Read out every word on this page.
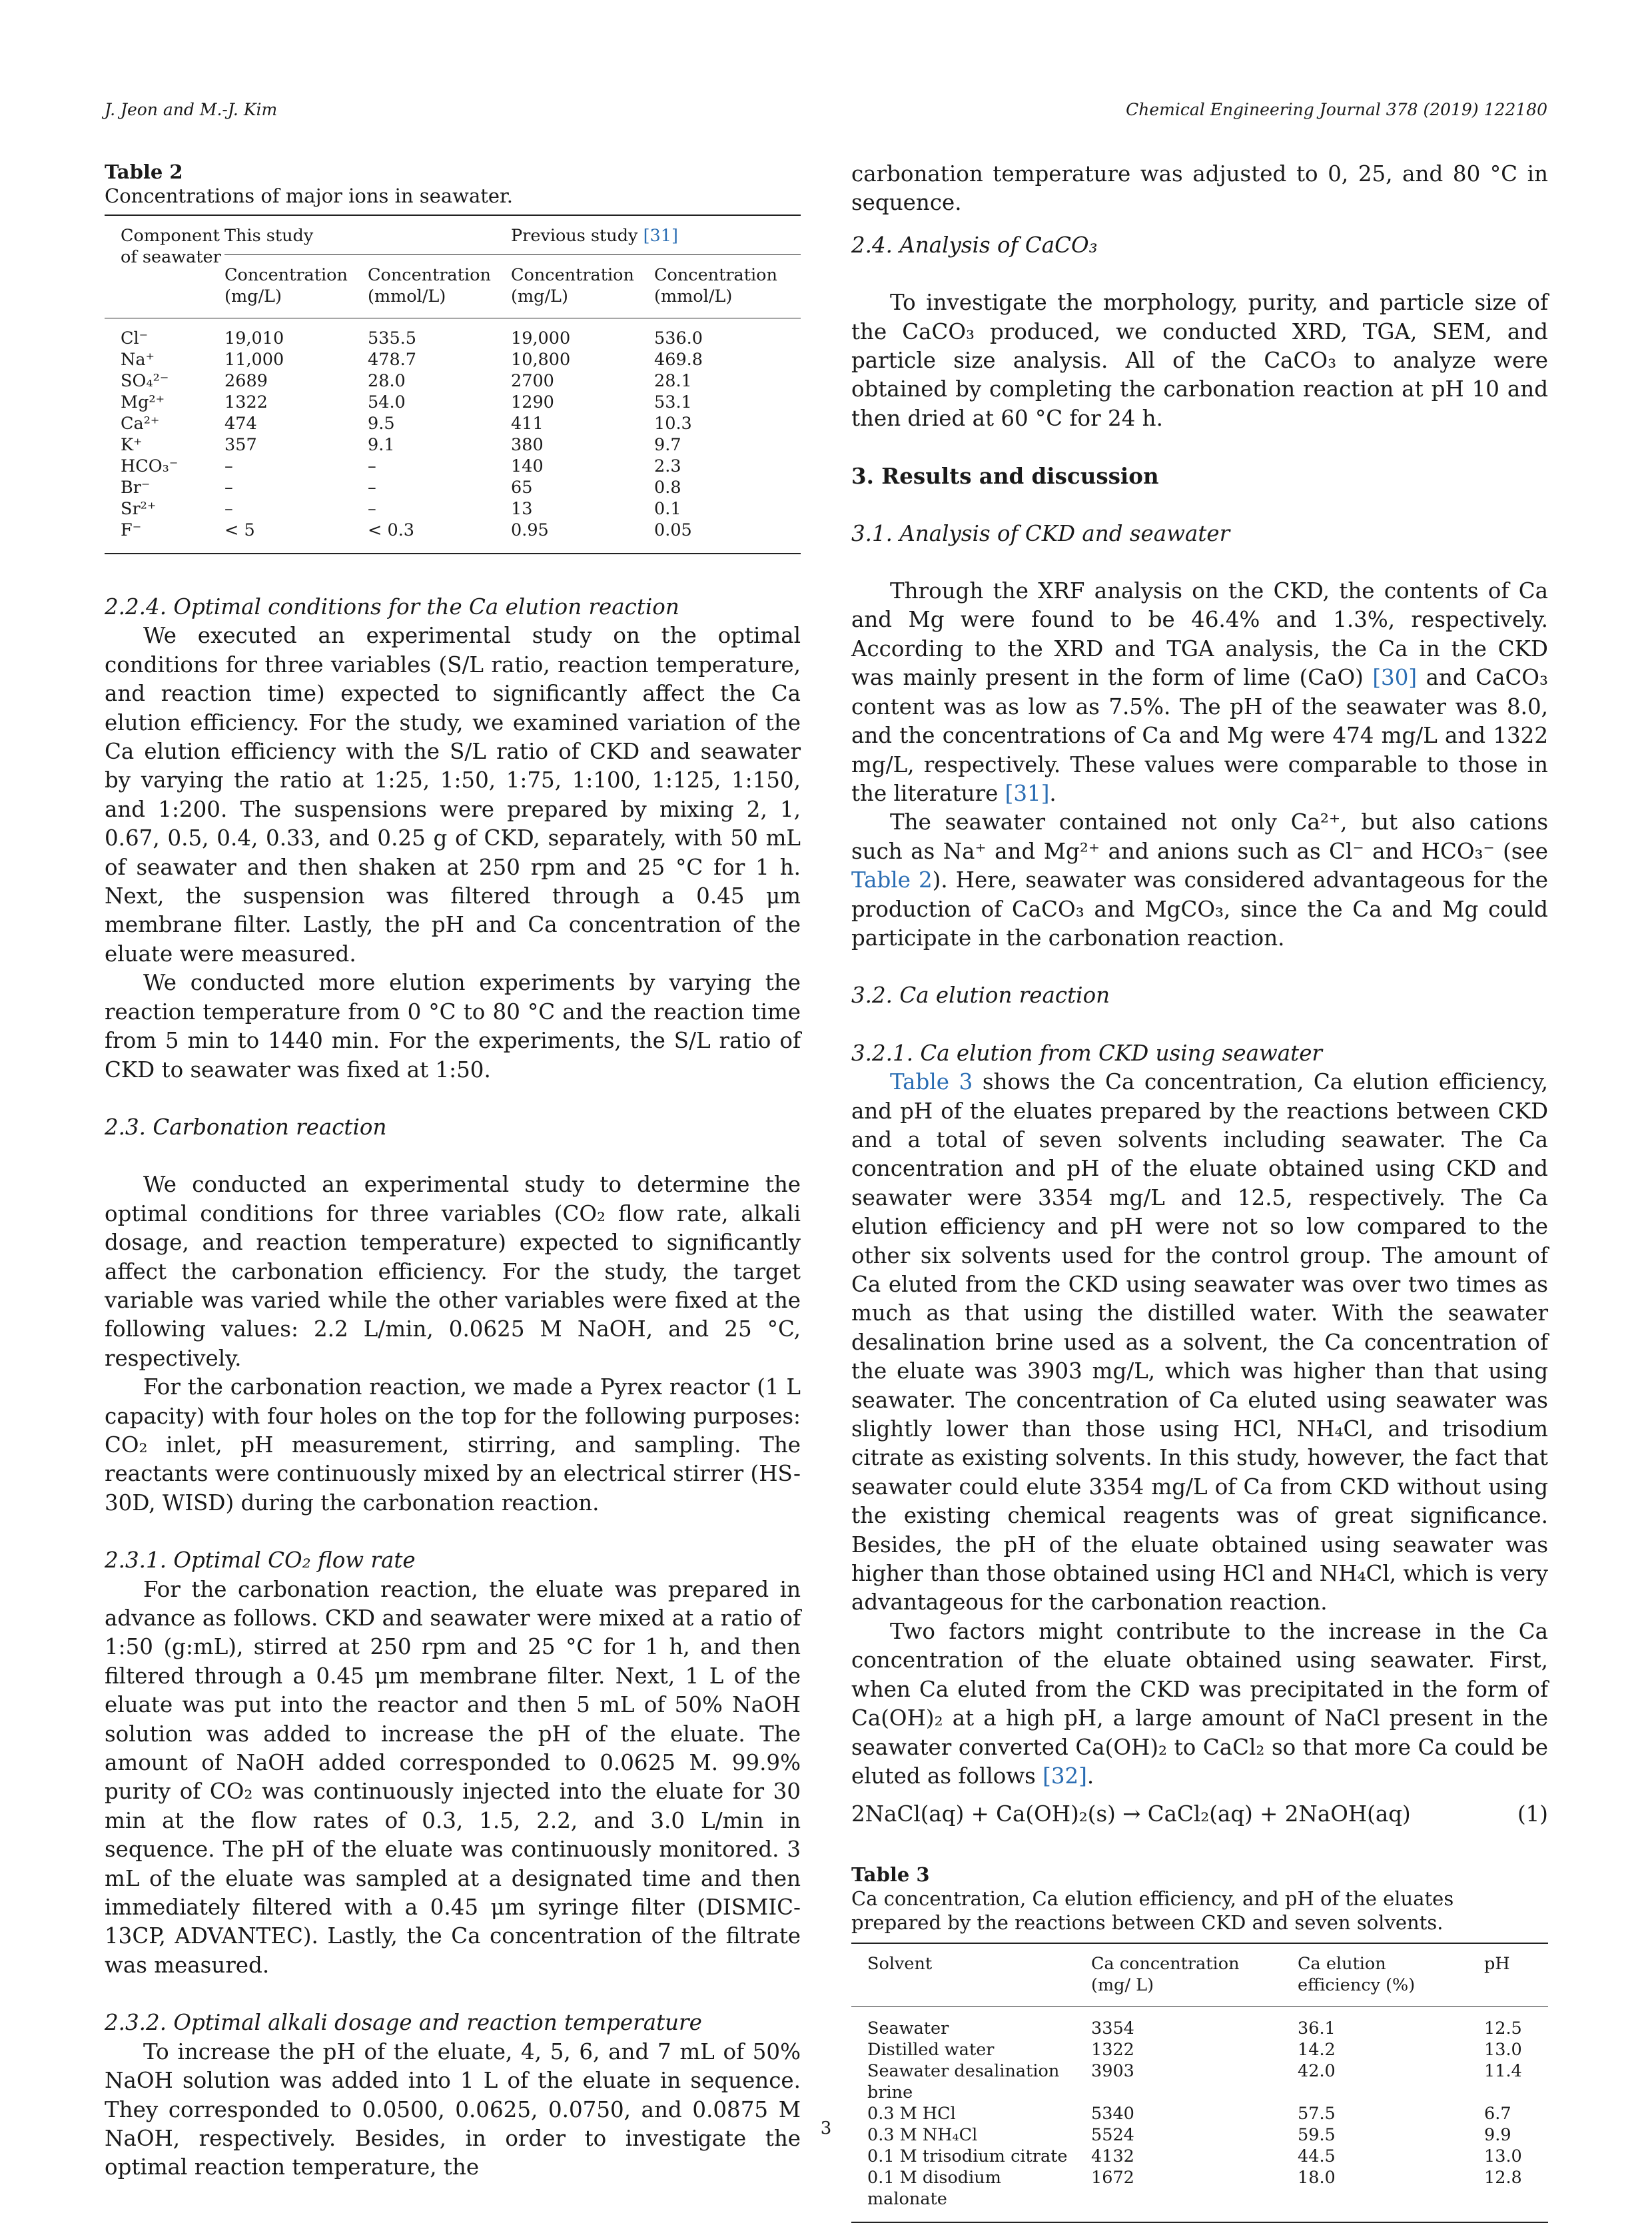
J. Jeon and M.-J. Kim	Chemical Engineering Journal 378 (2019) 122180
Table 2
Concentrations of major ions in seawater.
Component of seawater	This study		Previous study [31]	
	Concentration (mg/L)	Concentration (mmol/L)	Concentration (mg/L)	Concentration (mmol/L)
Cl⁻	19,010	535.5	19,000	536.0
Na⁺	11,000	478.7	10,800	469.8
SO₄²⁻	2689	28.0	2700	28.1
Mg²⁺	1322	54.0	1290	53.1
Ca²⁺	474	9.5	411	10.3
K⁺	357	9.1	380	9.7
HCO₃⁻	–	–	140	2.3
Br⁻	–	–	65	0.8
Sr²⁺	–	–	13	0.1
F⁻	< 5	< 0.3	0.95	0.05
2.2.4. Optimal conditions for the Ca elution reaction

We executed an experimental study on the optimal conditions for three variables (S/L ratio, reaction temperature, and reaction time) expected to significantly affect the Ca elution efficiency. For the study, we examined variation of the Ca elution efficiency with the S/L ratio of CKD and seawater by varying the ratio at 1:25, 1:50, 1:75, 1:100, 1:125, 1:150, and 1:200. The suspensions were prepared by mixing 2, 1, 0.67, 0.5, 0.4, 0.33, and 0.25 g of CKD, separately, with 50 mL of seawater and then shaken at 250 rpm and 25 °C for 1 h. Next, the suspension was filtered through a 0.45 μm membrane filter. Lastly, the pH and Ca concentration of the eluate were measured.

We conducted more elution experiments by varying the reaction temperature from 0 °C to 80 °C and the reaction time from 5 min to 1440 min. For the experiments, the S/L ratio of CKD to seawater was fixed at 1:50.

2.3. Carbonation reaction

We conducted an experimental study to determine the optimal conditions for three variables (CO₂ flow rate, alkali dosage, and reaction temperature) expected to significantly affect the carbonation efficiency. For the study, the target variable was varied while the other variables were fixed at the following values: 2.2 L/min, 0.0625 M NaOH, and 25 °C, respectively.

For the carbonation reaction, we made a Pyrex reactor (1 L capacity) with four holes on the top for the following purposes: CO₂ inlet, pH measurement, stirring, and sampling. The reactants were continuously mixed by an electrical stirrer (HS-30D, WISD) during the carbonation reaction.

2.3.1. Optimal CO₂ flow rate

For the carbonation reaction, the eluate was prepared in advance as follows. CKD and seawater were mixed at a ratio of 1:50 (g:mL), stirred at 250 rpm and 25 °C for 1 h, and then filtered through a 0.45 μm membrane filter. Next, 1 L of the eluate was put into the reactor and then 5 mL of 50% NaOH solution was added to increase the pH of the eluate. The amount of NaOH added corresponded to 0.0625 M. 99.9% purity of CO₂ was continuously injected into the eluate for 30 min at the flow rates of 0.3, 1.5, 2.2, and 3.0 L/min in sequence. The pH of the eluate was continuously monitored. 3 mL of the eluate was sampled at a designated time and then immediately filtered with a 0.45 μm syringe filter (DISMIC-13CP, ADVANTEC). Lastly, the Ca concentration of the filtrate was measured.

2.3.2. Optimal alkali dosage and reaction temperature

To increase the pH of the eluate, 4, 5, 6, and 7 mL of 50% NaOH solution was added into 1 L of the eluate in sequence. They corresponded to 0.0500, 0.0625, 0.0750, and 0.0875 M NaOH, respectively. Besides, in order to investigate the optimal reaction temperature, the

carbonation temperature was adjusted to 0, 25, and 80 °C in sequence.

2.4. Analysis of CaCO₃

To investigate the morphology, purity, and particle size of the CaCO₃ produced, we conducted XRD, TGA, SEM, and particle size analysis. All of the CaCO₃ to analyze were obtained by completing the carbonation reaction at pH 10 and then dried at 60 °C for 24 h.

3. Results and discussion
3.1. Analysis of CKD and seawater

Through the XRF analysis on the CKD, the contents of Ca and Mg were found to be 46.4% and 1.3%, respectively. According to the XRD and TGA analysis, the Ca in the CKD was mainly present in the form of lime (CaO) [30] and CaCO₃ content was as low as 7.5%. The pH of the seawater was 8.0, and the concentrations of Ca and Mg were 474 mg/L and 1322 mg/L, respectively. These values were comparable to those in the literature [31].

The seawater contained not only Ca²⁺, but also cations such as Na⁺ and Mg²⁺ and anions such as Cl⁻ and HCO₃⁻ (see Table 2). Here, seawater was considered advantageous for the production of CaCO₃ and MgCO₃, since the Ca and Mg could participate in the carbonation reaction.

3.2. Ca elution reaction
3.2.1. Ca elution from CKD using seawater

Table 3 shows the Ca concentration, Ca elution efficiency, and pH of the eluates prepared by the reactions between CKD and a total of seven solvents including seawater. The Ca concentration and pH of the eluate obtained using CKD and seawater were 3354 mg/L and 12.5, respectively. The Ca elution efficiency and pH were not so low compared to the other six solvents used for the control group. The amount of Ca eluted from the CKD using seawater was over two times as much as that using the distilled water. With the seawater desalination brine used as a solvent, the Ca concentration of the eluate was 3903 mg/L, which was higher than that using seawater. The concentration of Ca eluted using seawater was slightly lower than those using HCl, NH₄Cl, and trisodium citrate as existing solvents. In this study, however, the fact that seawater could elute 3354 mg/L of Ca from CKD without using the existing chemical reagents was of great significance. Besides, the pH of the eluate obtained using seawater was higher than those obtained using HCl and NH₄Cl, which is very advantageous for the carbonation reaction.

Two factors might contribute to the increase in the Ca concentration of the eluate obtained using seawater. First, when Ca eluted from the CKD was precipitated in the form of Ca(OH)₂ at a high pH, a large amount of NaCl present in the seawater converted Ca(OH)₂ to CaCl₂ so that more Ca could be eluted as follows [32].

2NaCl(aq) + Ca(OH)₂(s) → CaCl₂(aq) + 2NaOH(aq)	(1)
Table 3
Ca concentration, Ca elution efficiency, and pH of the eluates prepared by the reactions between CKD and seven solvents.
Solvent	Ca concentration (mg/ L)	Ca elution efficiency (%)	pH
Seawater	3354	36.1	12.5
Distilled water	1322	14.2	13.0
Seawater desalination brine	3903	42.0	11.4
0.3 M HCl	5340	57.5	6.7
0.3 M NH₄Cl	5524	59.5	9.9
0.1 M trisodium citrate	4132	44.5	13.0
0.1 M disodium malonate	1672	18.0	12.8
3
